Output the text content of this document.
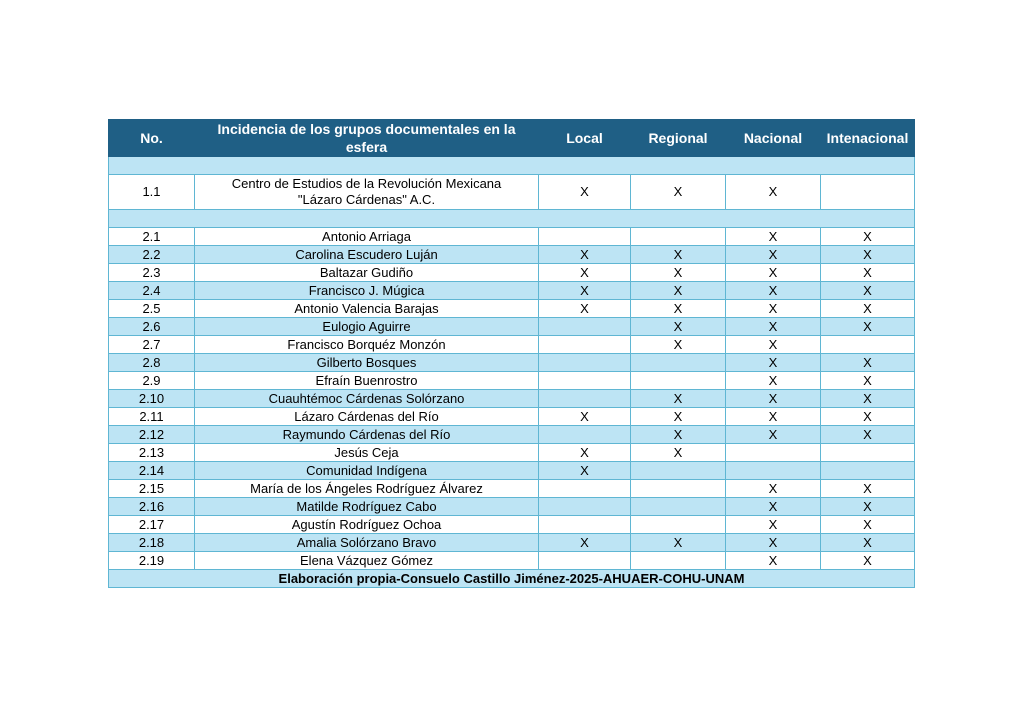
No.	Incidencia de los grupos documentales en la esfera	Local	Regional	Nacional	Intenacional

1.1	Centro de Estudios de la Revolución Mexicana
"Lázaro Cárdenas" A.C.	X	X	X	

2.1	Antonio Arriaga			X	X
2.2	Carolina Escudero Luján	X	X	X	X
2.3	Baltazar Gudiño	X	X	X	X
2.4	Francisco J. Múgica	X	X	X	X
2.5	Antonio Valencia Barajas	X	X	X	X
2.6	Eulogio Aguirre		X	X	X
2.7	Francisco Borquéz Monzón		X	X	
2.8	Gilberto Bosques			X	X
2.9	Efraín Buenrostro			X	X
2.10	Cuauhtémoc Cárdenas Solórzano		X	X	X
2.11	Lázaro Cárdenas del Río	X	X	X	X
2.12	Raymundo Cárdenas del Río		X	X	X
2.13	Jesús Ceja	X	X		
2.14	Comunidad Indígena	X			
2.15	María de los Ángeles Rodríguez Álvarez			X	X
2.16	Matilde Rodríguez Cabo			X	X
2.17	Agustín Rodríguez Ochoa			X	X
2.18	Amalia Solórzano Bravo	X	X	X	X
2.19	Elena Vázquez Gómez			X	X
Elaboración propia-Consuelo Castillo Jiménez-2025-AHUAER-COHU-UNAM					
